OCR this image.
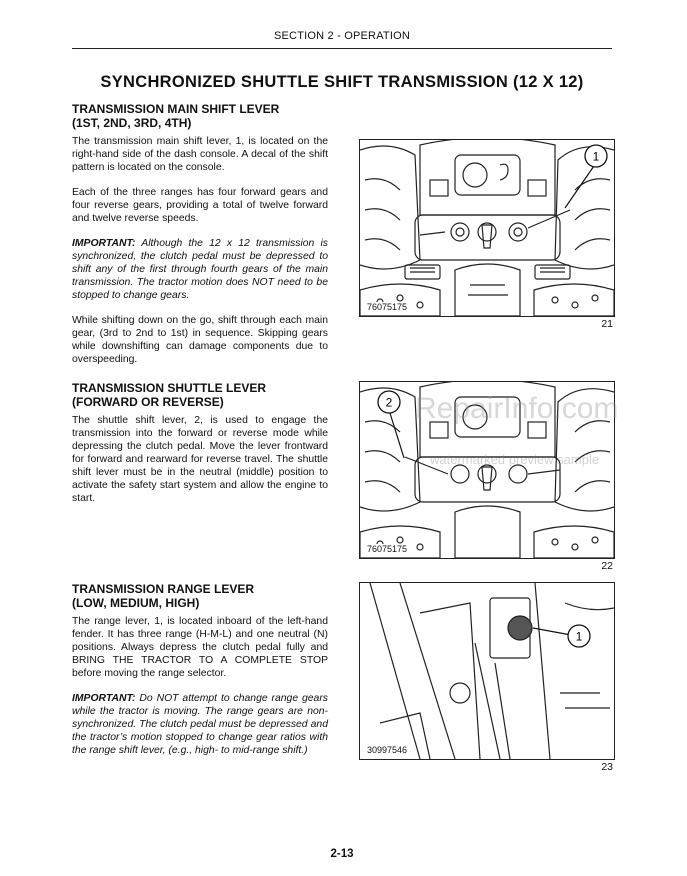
SECTION 2 - OPERATION
SYNCHRONIZED SHUTTLE SHIFT TRANSMISSION (12 X 12)
TRANSMISSION MAIN SHIFT LEVER
(1ST, 2ND, 3RD, 4TH)

The transmission main shift lever, 1, is located on the right-hand side of the dash console. A decal of the shift pattern is located on the console.

Each of the three ranges has four forward gears and four reverse gears, providing a total of twelve forward and twelve reverse speeds.

IMPORTANT: Although the 12 x 12 transmission is synchronized, the clutch pedal must be depressed to shift any of the first through fourth gears of the main transmission. The tractor motion does NOT need to be stopped to change gears.

While shifting down on the go, shift through each main gear, (3rd to 2nd to 1st) in sequence. Skipping gears while downshifting can damage components due to overspeeding.

TRANSMISSION SHUTTLE LEVER
(FORWARD OR REVERSE)

The shuttle shift lever, 2, is used to engage the transmission into the forward or reverse mode while depressing the clutch pedal. Move the lever frontward for forward and rearward for reverse travel. The shuttle shift lever must be in the neutral (middle) position to activate the safety start system and allow the engine to start.

TRANSMISSION RANGE LEVER
(LOW, MEDIUM, HIGH)

The range lever, 1, is located inboard of the left-hand fender. It has three range (H-M-L) and one neutral (N) positions. Always depress the clutch pedal fully and BRING THE TRACTOR TO A COMPLETE STOP before moving the range selector.

IMPORTANT: Do NOT attempt to change range gears while the tractor is moving. The range gears are non-synchronized. The clutch pedal must be depressed and the tractor’s motion stopped to change gear ratios with the range shift lever, (e.g., high- to mid-range shift.)

1
76075175
21
2
76075175
22
1
30997546
23
RepairInfo.com
watermarked preview sample
2-13
